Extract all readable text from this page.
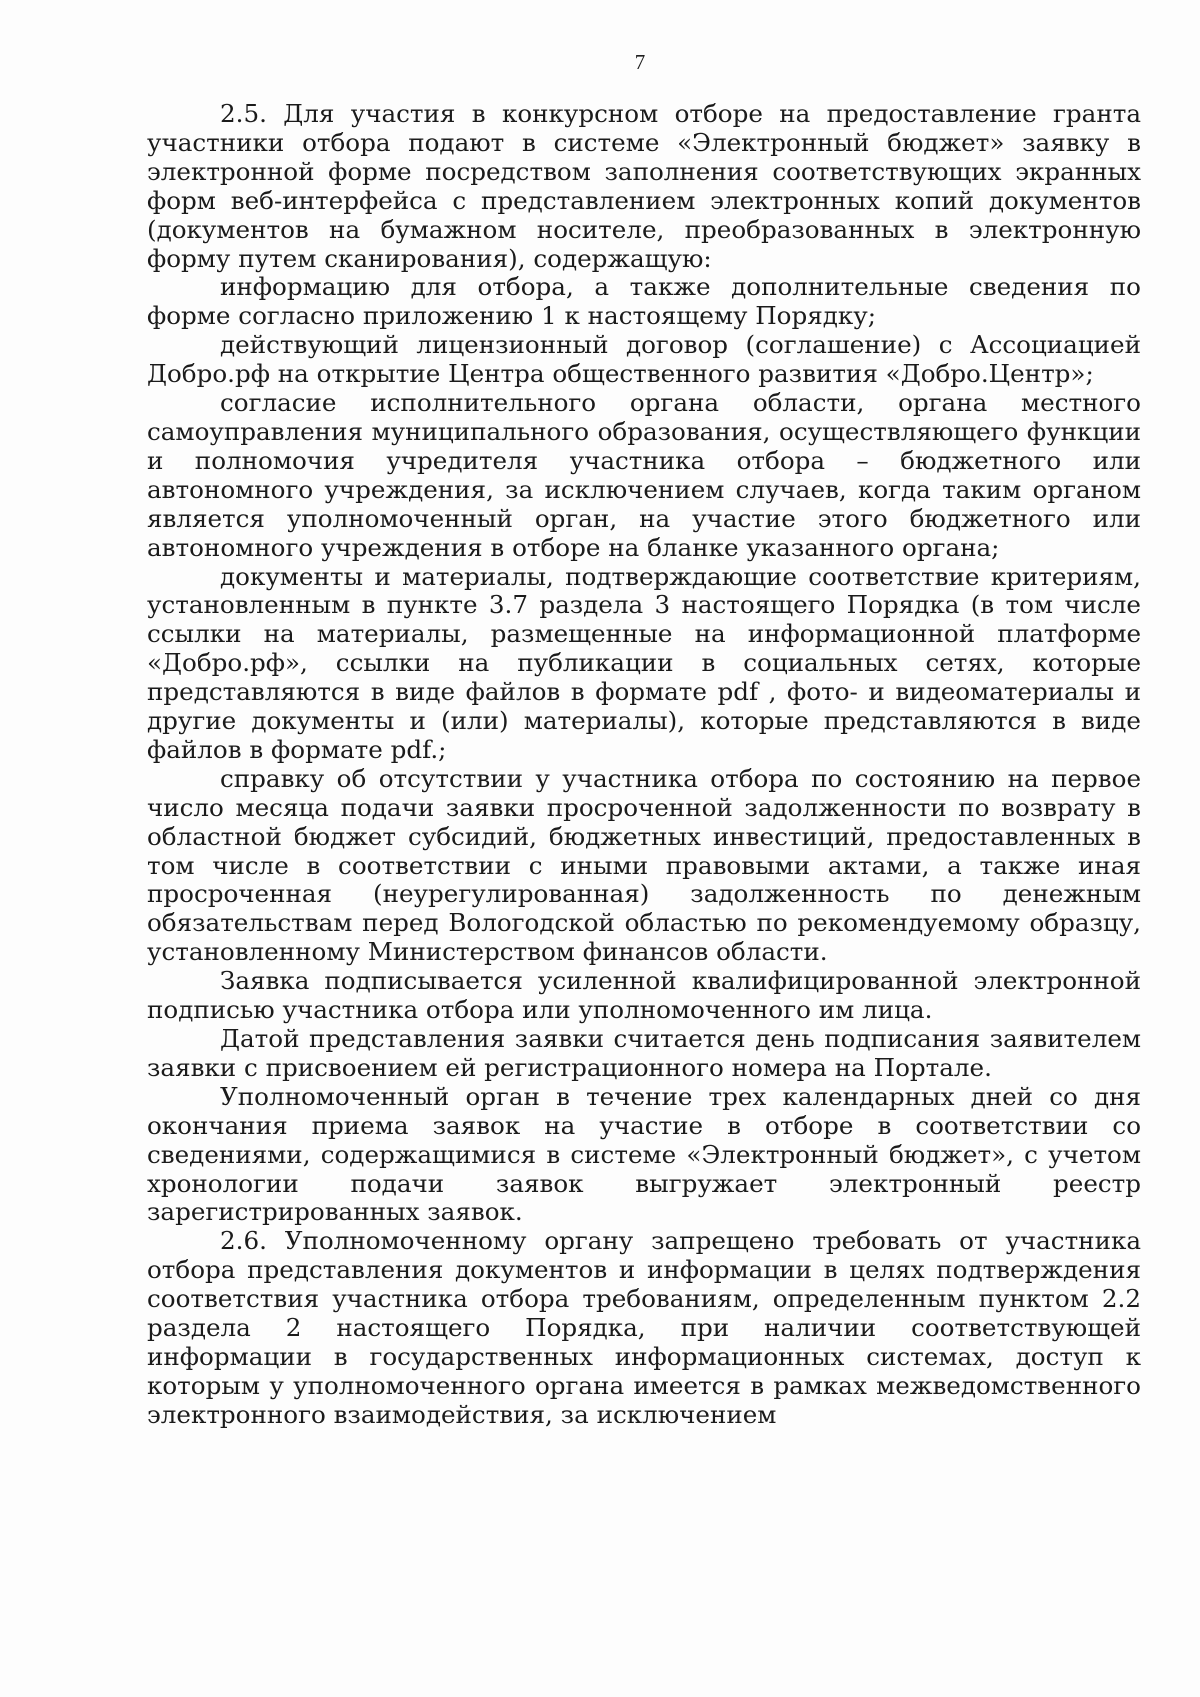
7

2.5. Для участия в конкурсном отборе на предоставление гранта участники отбора подают в системе «Электронный бюджет» заявку в электронной форме посредством заполнения соответствующих экранных форм веб-интерфейса с представлением электронных копий документов (документов на бумажном носителе, преобразованных в электронную форму путем сканирования), содержащую:

информацию для отбора, а также дополнительные сведения по форме согласно приложению 1 к настоящему Порядку;

действующий лицензионный договор (соглашение) с Ассоциацией Добро.рф на открытие Центра общественного развития «Добро.Центр»;

согласие исполнительного органа области, органа местного самоуправления муниципального образования, осуществляющего функции и полномочия учредителя участника отбора – бюджетного или автономного учреждения, за исключением случаев, когда таким органом является уполномоченный орган, на участие этого бюджетного или автономного учреждения в отборе на бланке указанного органа;

документы и материалы, подтверждающие соответствие критериям, установленным в пункте 3.7 раздела 3 настоящего Порядка (в том числе ссылки на материалы, размещенные на информационной платформе «Добро.рф», ссылки на публикации в социальных сетях, которые представляются в виде файлов в формате pdf , фото- и видеоматериалы и другие документы и (или) материалы), которые представляются в виде файлов в формате pdf.;

справку об отсутствии у участника отбора по состоянию на первое число месяца подачи заявки просроченной задолженности по возврату в областной бюджет субсидий, бюджетных инвестиций, предоставленных в том числе в соответствии с иными правовыми актами, а также иная просроченная (неурегулированная) задолженность по денежным обязательствам перед Вологодской областью по рекомендуемому образцу, установленному Министерством финансов области.

Заявка подписывается усиленной квалифицированной электронной подписью участника отбора или уполномоченного им лица.

Датой представления заявки считается день подписания заявителем заявки с присвоением ей регистрационного номера на Портале.

Уполномоченный орган в течение трех календарных дней со дня окончания приема заявок на участие в отборе в соответствии со сведениями, содержащимися в системе «Электронный бюджет», с учетом хронологии подачи заявок выгружает электронный реестр зарегистрированных заявок.

2.6. Уполномоченному органу запрещено требовать от участника отбора представления документов и информации в целях подтверждения соответствия участника отбора требованиям, определенным пунктом 2.2 раздела 2 настоящего Порядка, при наличии соответствующей информации в государственных информационных системах, доступ к которым у уполномоченного органа имеется в рамках межведомственного электронного взаимодействия, за исключением
